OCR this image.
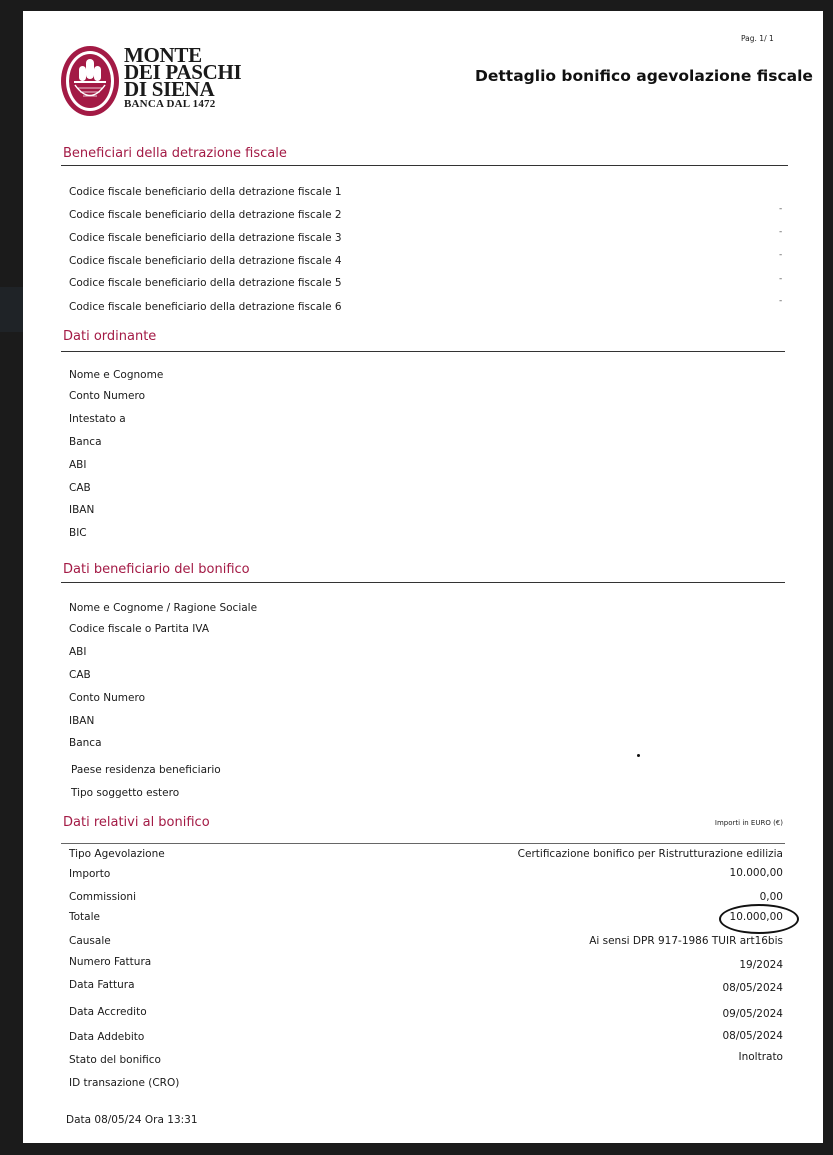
MONTE
DEI PASCHI
DI SIENA
BANCA DAL 1472
Pag. 1/ 1
Dettaglio bonifico agevolazione fiscale
Beneficiari della detrazione fiscale
Codice fiscale beneficiario della detrazione fiscale 1
Codice fiscale beneficiario della detrazione fiscale 2
Codice fiscale beneficiario della detrazione fiscale 3
Codice fiscale beneficiario della detrazione fiscale 4
Codice fiscale beneficiario della detrazione fiscale 5
Codice fiscale beneficiario della detrazione fiscale 6
-
-
-
-
-
Dati ordinante
Nome e Cognome
Conto Numero
Intestato a
Banca
ABI
CAB
IBAN
BIC
Dati beneficiario del bonifico
Nome e Cognome / Ragione Sociale
Codice fiscale o Partita IVA
ABI
CAB
Conto Numero
IBAN
Banca
Paese residenza beneficiario
Tipo soggetto estero
Dati relativi al bonifico	Importi in EURO (€)
Tipo Agevolazione
Importo
Commissioni
Totale
Causale
Numero Fattura
Data Fattura
Data Accredito
Data Addebito
Stato del bonifico
ID transazione (CRO)
Certificazione bonifico per Ristrutturazione edilizia
10.000,00
0,00
10.000,00
Ai sensi DPR 917-1986 TUIR art16bis
19/2024
08/05/2024
09/05/2024
08/05/2024
Inoltrato
Data 08/05/24 Ora 13:31
